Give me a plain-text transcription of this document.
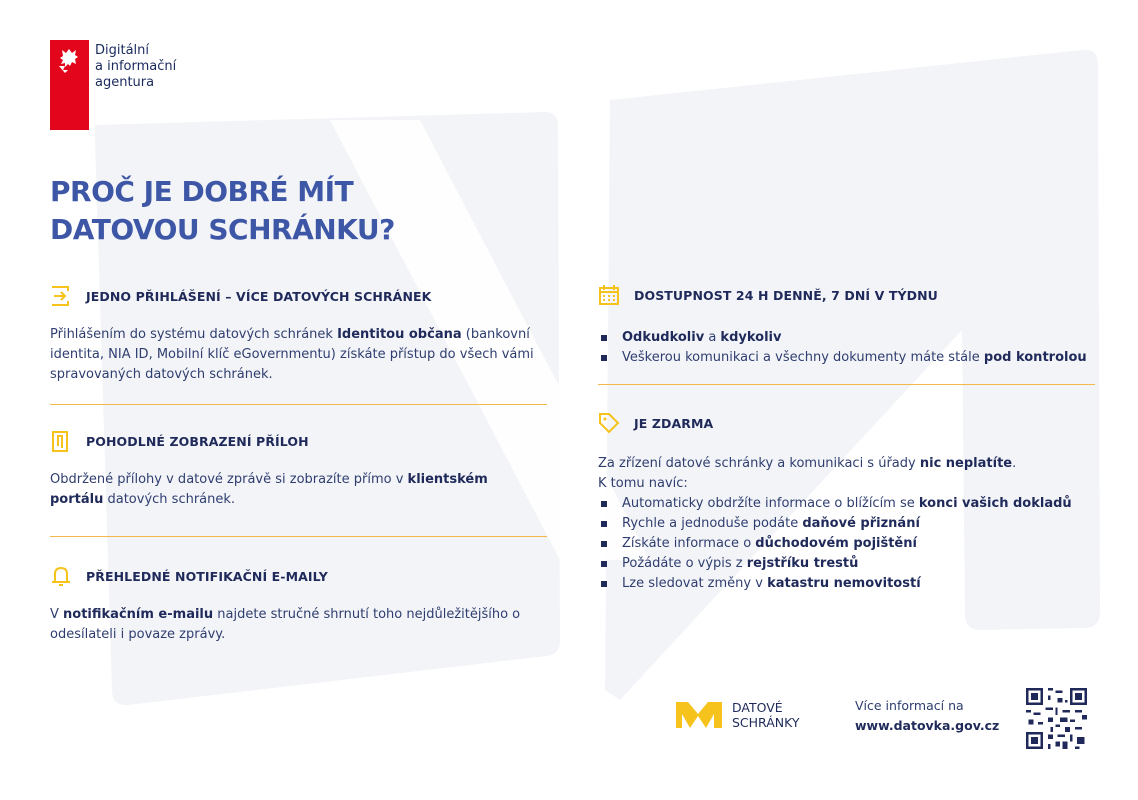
Digitální
a informační
agentura
PROČ JE DOBRÉ MÍT
DATOVOU SCHRÁNKU?
JEDNO PŘIHLÁŠENÍ – VÍCE DATOVÝCH SCHRÁNEK
Přihlášením do systému datových schránek Identitou občana (bankovní identita, NIA ID, Mobilní klíč eGovernmentu) získáte přístup do všech vámi spravovaných datových schránek.
POHODLNÉ ZOBRAZENÍ PŘÍLOH
Obdržené přílohy v datové zprávě si zobrazíte přímo v klientském portálu datových schránek.
PŘEHLEDNÉ NOTIFIKAČNÍ E-MAILY
V notifikačním e-mailu najdete stručné shrnutí toho nejdůležitějšího o odesílateli i povaze zprávy.
DOSTUPNOST 24 H DENNĚ, 7 DNÍ V TÝDNU
Odkudkoliv a kdykoliv
Veškerou komunikaci a všechny dokumenty máte stále pod kontrolou
JE ZDARMA
Za zřízení datové schránky a komunikaci s úřady nic neplatíte.
K tomu navíc:
Automaticky obdržíte informace o blížícím se konci vašich dokladů
Rychle a jednoduše podáte daňové přiznání
Získáte informace o důchodovém pojištění
Požádáte o výpis z rejstříku trestů
Lze sledovat změny v katastru nemovitostí
DATOVÉ
SCHRÁNKY
Více informací na
www.datovka.gov.cz
